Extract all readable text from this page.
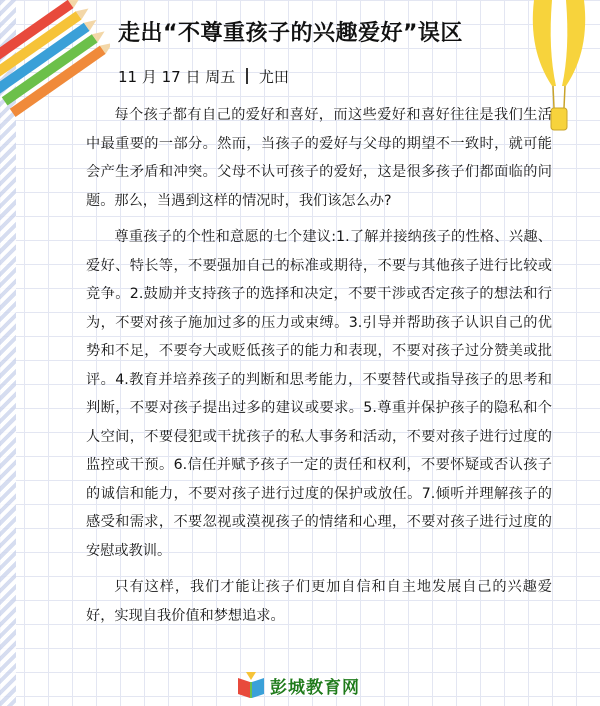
走出“不尊重孩子的兴趣爱好”误区
11 月 17 日 周五 尤田

每个孩子都有自己的爱好和喜好，而这些爱好和喜好往往是我们生活中最重要的一部分。然而，当孩子的爱好与父母的期望不一致时，就可能会产生矛盾和冲突。父母不认可孩子的爱好，这是很多孩子们都面临的问题。那么，当遇到这样的情况时，我们该怎么办?

尊重孩子的个性和意愿的七个建议:1.了解并接纳孩子的性格、兴趣、爱好、特长等，不要强加自己的标准或期待，不要与其他孩子进行比较或竞争。2.鼓励并支持孩子的选择和决定，不要干涉或否定孩子的想法和行为，不要对孩子施加过多的压力或束缚。3.引导并帮助孩子认识自己的优势和不足，不要夸大或贬低孩子的能力和表现，不要对孩子过分赞美或批评。4.教育并培养孩子的判断和思考能力，不要替代或指导孩子的思考和判断，不要对孩子提出过多的建议或要求。5.尊重并保护孩子的隐私和个人空间，不要侵犯或干扰孩子的私人事务和活动，不要对孩子进行过度的监控或干预。6.信任并赋予孩子一定的责任和权利，不要怀疑或否认孩子的诚信和能力，不要对孩子进行过度的保护或放任。7.倾听并理解孩子的感受和需求，不要忽视或漠视孩子的情绪和心理，不要对孩子进行过度的安慰或教训。

只有这样，我们才能让孩子们更加自信和自主地发展自己的兴趣爱好，实现自我价值和梦想追求。

彭城教育网
